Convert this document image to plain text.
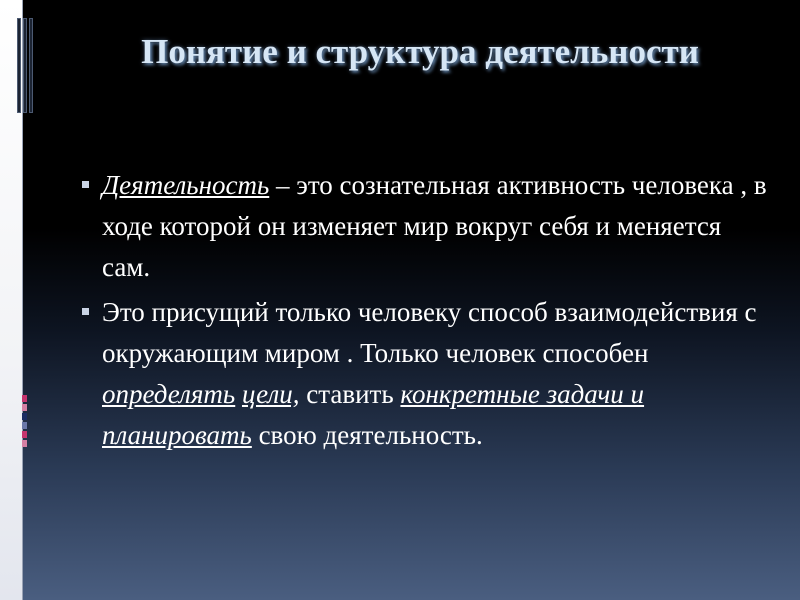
Понятие и структура деятельности
Деятельность – это сознательная активность человека , в ходе которой он изменяет мир вокруг себя и меняется сам.
Это присущий только человеку способ взаимодействия с окружающим миром . Только человек способен определять цели, ставить конкретные задачи и планировать свою деятельность.
